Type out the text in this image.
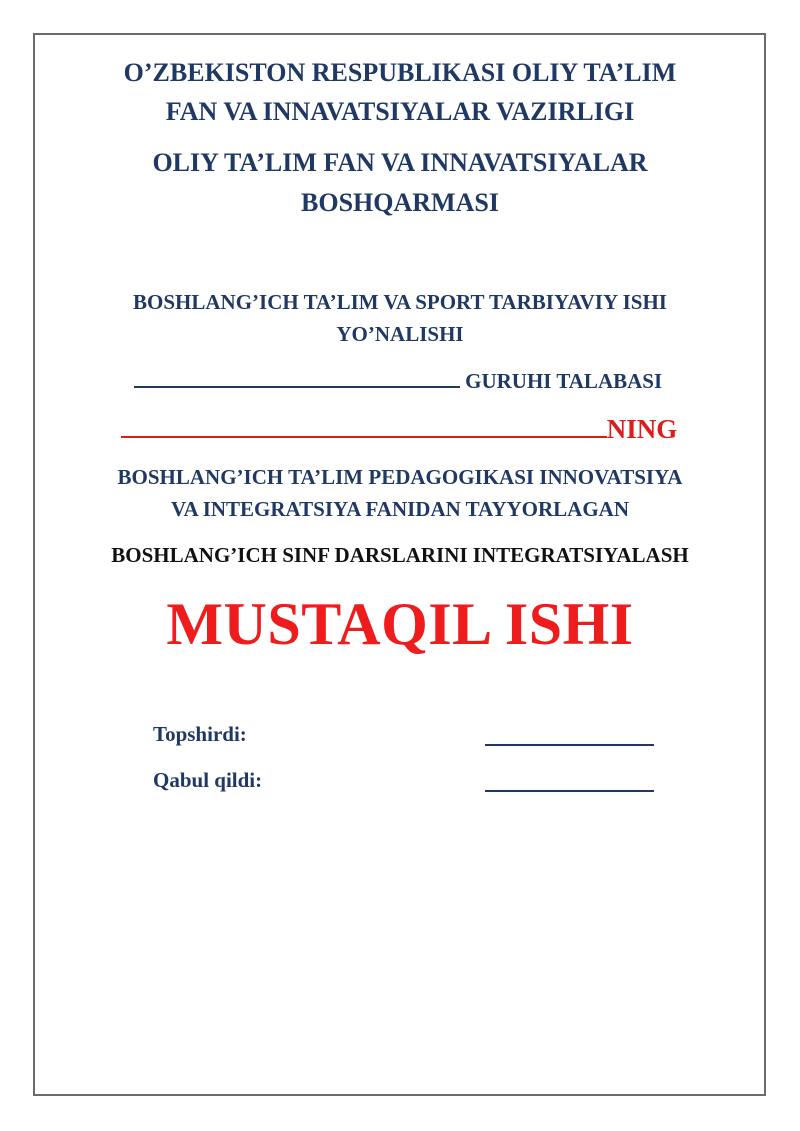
O’ZBEKISTON RESPUBLIKASI OLIY TA’LIM
FAN VA INNAVATSIYALAR VAZIRLIGI
OLIY TA’LIM FAN VA INNAVATSIYALAR
BOSHQARMASI
BOSHLANG’ICH TA’LIM VA SPORT TARBIYAVIY ISHI
YO’NALISHI
GURUHI TALABASI
NING
BOSHLANG’ICH TA’LIM PEDAGOGIKASI INNOVATSIYA
VA INTEGRATSIYA FANIDAN TAYYORLAGAN
BOSHLANG’ICH SINF DARSLARINI INTEGRATSIYALASH
MUSTAQIL ISHI
Topshirdi:
Qabul qildi:
